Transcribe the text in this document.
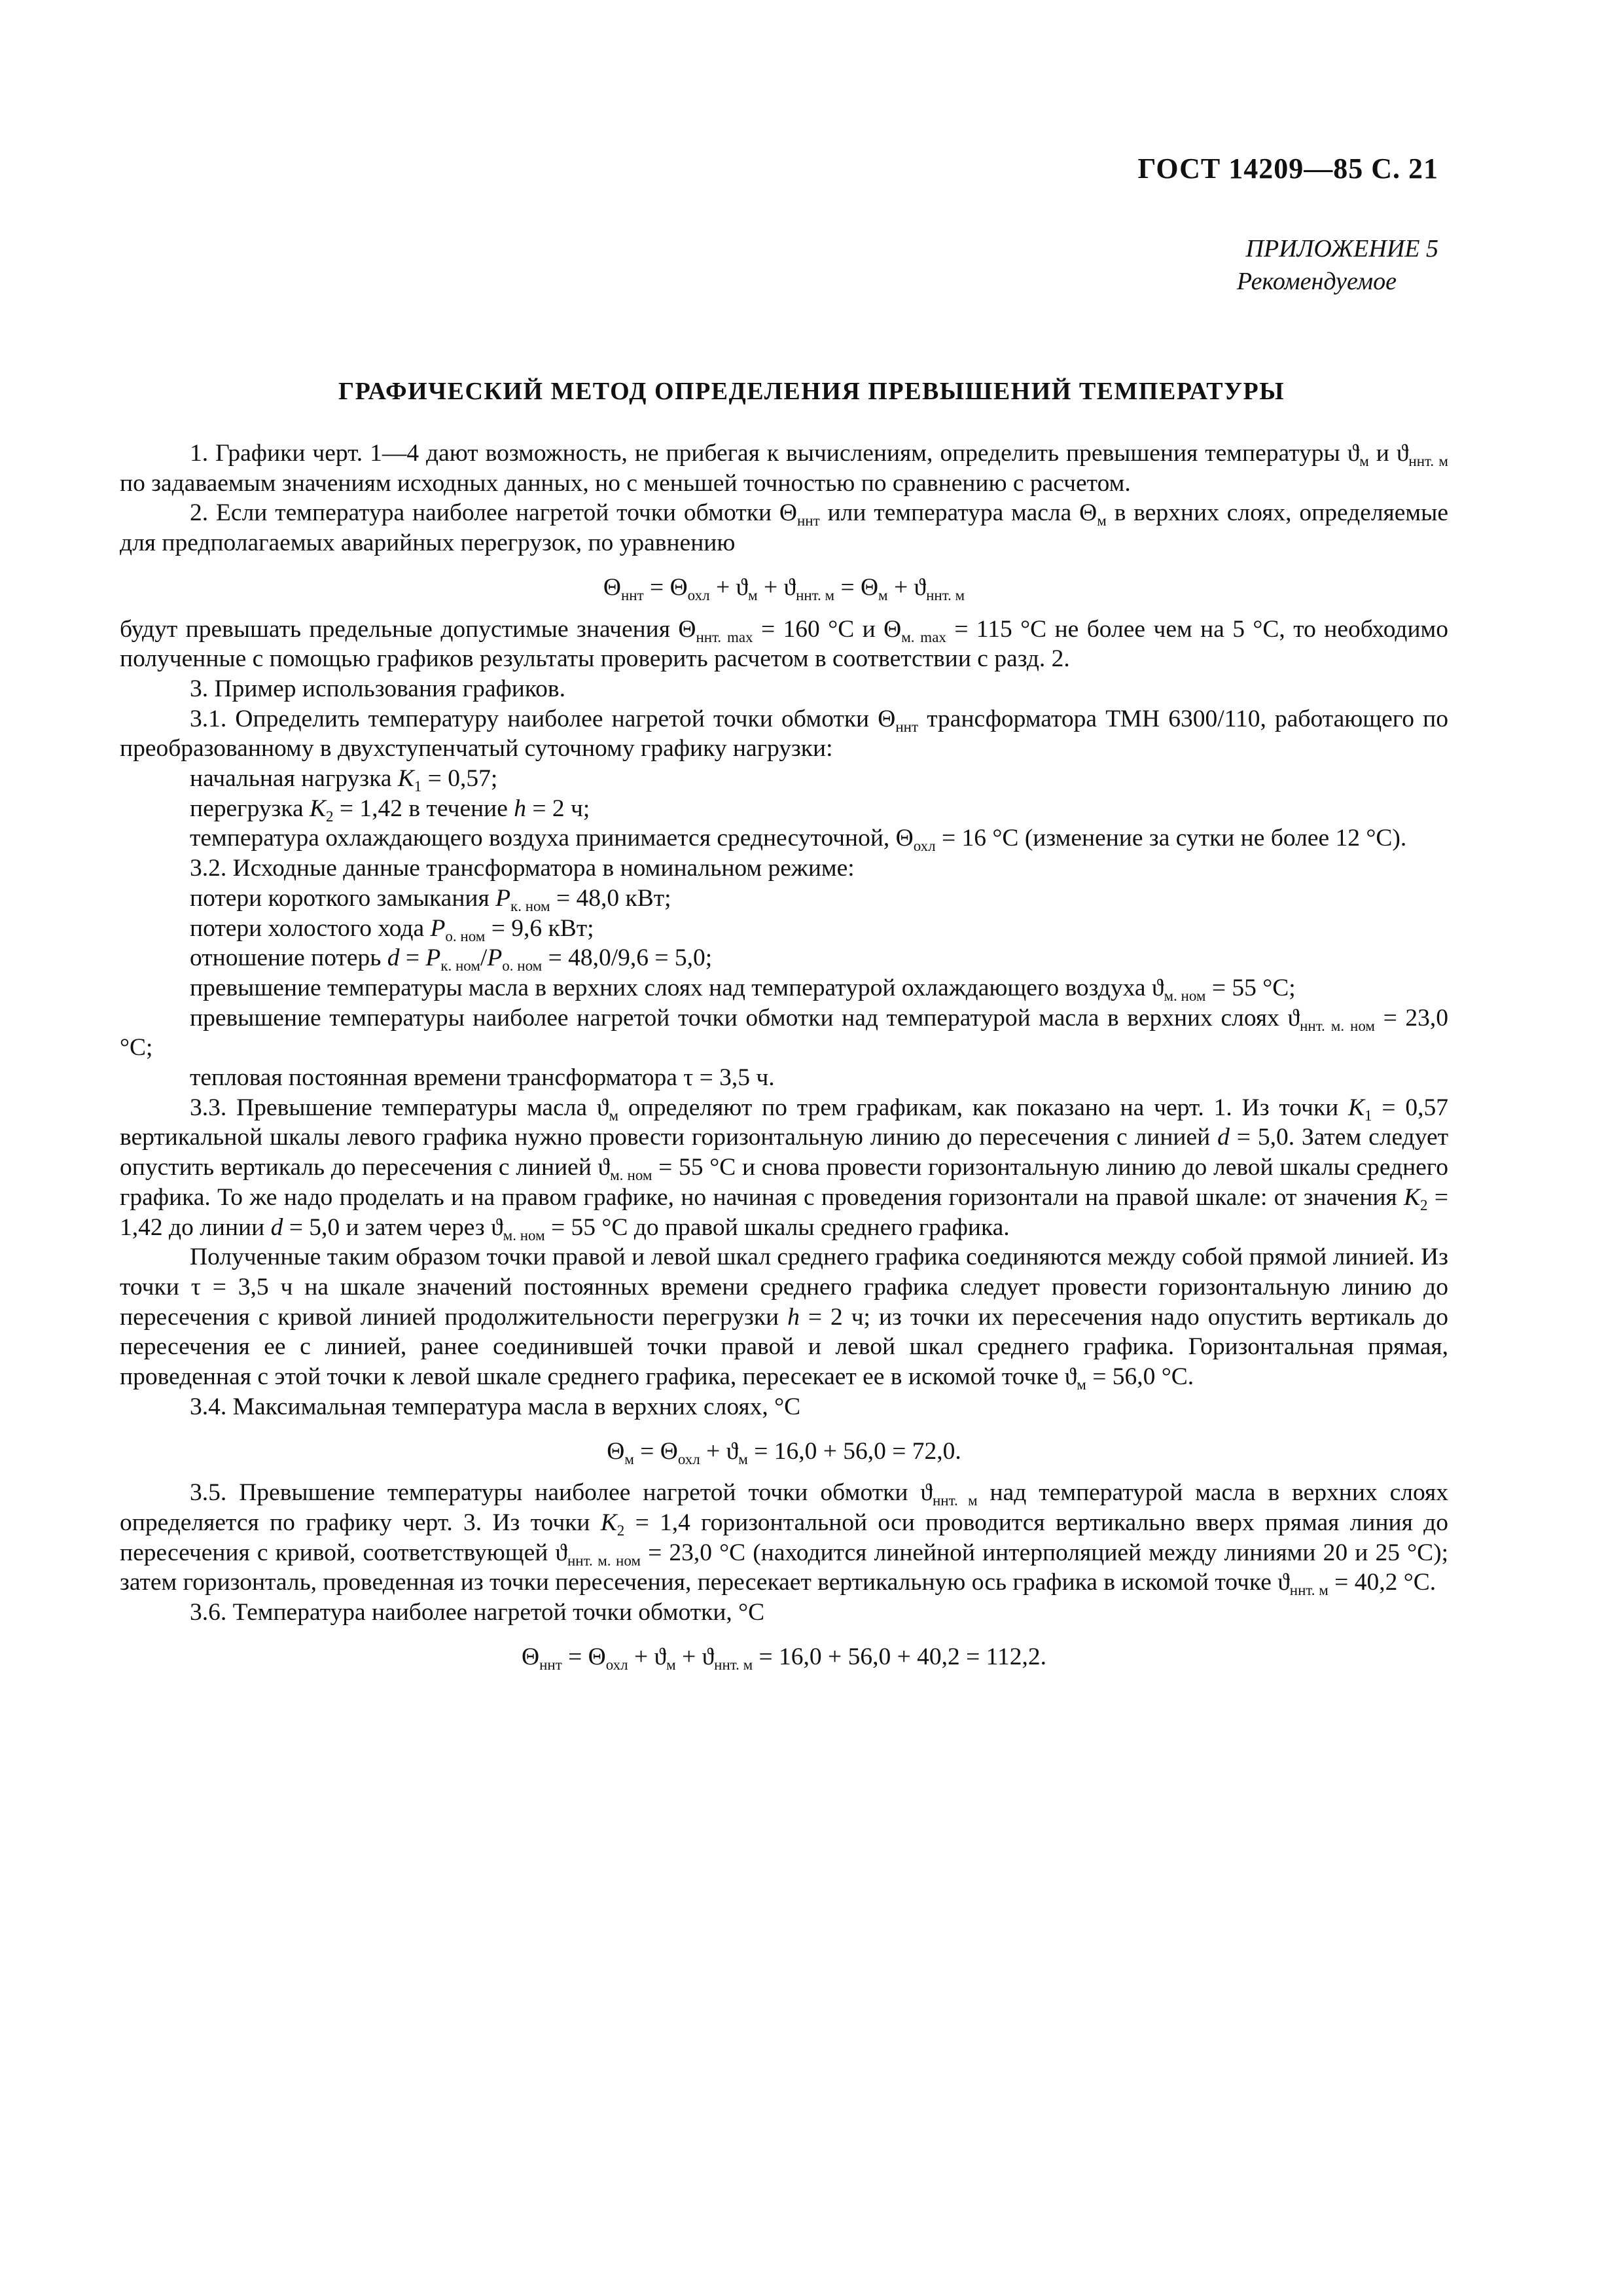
ГОСТ 14209—85 С. 21
ПРИЛОЖЕНИЕ 5
Рекомендуемое
ГРАФИЧЕСКИЙ МЕТОД ОПРЕДЕЛЕНИЯ ПРЕВЫШЕНИЙ ТЕМПЕРАТУРЫ

1. Графики черт. 1—4 дают возможность, не прибегая к вычислениям, определить превышения температуры $ϑ_м$ и $ϑ_{ннт. м}$ по задаваемым значениям исходных данных, но с меньшей точностью по сравнению с расчетом.

2. Если температура наиболее нагретой точки обмотки $\Theta_{ннт}$ или температура масла $\Theta_м$ в верхних слоях, определяемые для предполагаемых аварийных перегрузок, по уравнению

$\Theta_{ннт} = \Theta_{охл} + ϑ_м + ϑ_{ннт. м} = \Theta_м + ϑ_{ннт. м}$

будут превышать предельные допустимые значения $\Theta_{ннт. max} = 160$ °С и $\Theta_{м. max} = 115$ °С не более чем на 5 °С, то необходимо полученные с помощью графиков результаты проверить расчетом в соответствии с разд. 2.

3. Пример использования графиков.

3.1. Определить температуру наиболее нагретой точки обмотки $\Theta_{ннт}$ трансформатора ТМН 6300/110, работающего по преобразованному в двухступенчатый суточному графику нагрузки:

начальная нагрузка $K_1 = 0,57$;

перегрузка $K_2 = 1,42$ в течение h = 2 ч;

температура охлаждающего воздуха принимается среднесуточной, $\Theta_{охл} = 16$ °С (изменение за сутки не более 12 °С).

3.2. Исходные данные трансформатора в номинальном режиме:

потери короткого замыкания $P_{к. ном} = 48,0$ кВт;

потери холостого хода $P_{о. ном} = 9,6$ кВт;

отношение потерь $d = P_{к. ном}/P_{о. ном} = 48,0/9,6 = 5,0$;

превышение температуры масла в верхних слоях над температурой охлаждающего воздуха $ϑ_{м. ном} = 55$ °С;

превышение температуры наиболее нагретой точки обмотки над температурой масла в верхних слоях $ϑ_{ннт. м. ном} = 23,0$ °С;

тепловая постоянная времени трансформатора τ = 3,5 ч.

3.3. Превышение температуры масла $ϑ_м$ определяют по трем графикам, как показано на черт. 1. Из точки $K_1 = 0,57$ вертикальной шкалы левого графика нужно провести горизонтальную линию до пересечения с линией d = 5,0. Затем следует опустить вертикаль до пересечения с линией $ϑ_{м. ном} = 55$ °С и снова провести горизонтальную линию до левой шкалы среднего графика. То же надо проделать и на правом графике, но начиная с проведения горизонтали на правой шкале: от значения $K_2 = 1,42$ до линии d = 5,0 и затем через $ϑ_{м. ном} = 55$ °С до правой шкалы среднего графика.

Полученные таким образом точки правой и левой шкал среднего графика соединяются между собой прямой линией. Из точки τ = 3,5 ч на шкале значений постоянных времени среднего графика следует провести горизонтальную линию до пересечения с кривой линией продолжительности перегрузки h = 2 ч; из точки их пересечения надо опустить вертикаль до пересечения ее с линией, ранее соединившей точки правой и левой шкал среднего графика. Горизонтальная прямая, проведенная с этой точки к левой шкале среднего графика, пересекает ее в искомой точке $ϑ_м = 56,0$ °С.

3.4. Максимальная температура масла в верхних слоях, °С

$\Theta_м = \Theta_{охл} + ϑ_м = 16,0 + 56,0 = 72,0$.

3.5. Превышение температуры наиболее нагретой точки обмотки $ϑ_{ннт. м}$ над температурой масла в верхних слоях определяется по графику черт. 3. Из точки $K_2 = 1,4$ горизонтальной оси проводится вертикально вверх прямая линия до пересечения с кривой, соответствующей $ϑ_{ннт. м. ном} = 23,0$ °С (находится линейной интерполяцией между линиями 20 и 25 °С); затем горизонталь, проведенная из точки пересечения, пересекает вертикальную ось графика в искомой точке $ϑ_{ннт. м} = 40,2$ °С.

3.6. Температура наиболее нагретой точки обмотки, °С

$\Theta_{ннт} = \Theta_{охл} + ϑ_м + ϑ_{ннт. м} = 16,0 + 56,0 + 40,2 = 112,2$.
